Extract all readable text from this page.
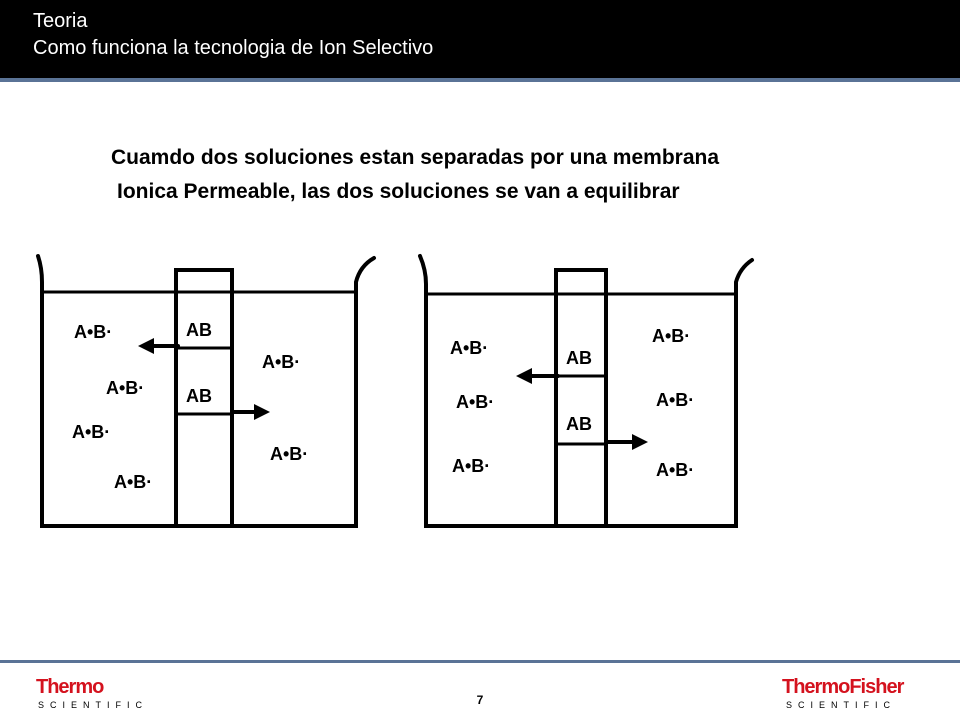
Teoria
Como funciona la tecnologia de Ion Selectivo
Cuamdo dos soluciones estan separadas por una membrana
Ionica Permeable, las dos soluciones se van a equilibrar
AB
AB
A•B·
A•B·
A•B·
A•B·
A•B·
A•B·
AB
AB
A•B·
A•B·
A•B·
A•B·
A•B·
A•B·
Thermo
SCIENTIFIC	7
ThermoFisher
SCIENTIFIC
